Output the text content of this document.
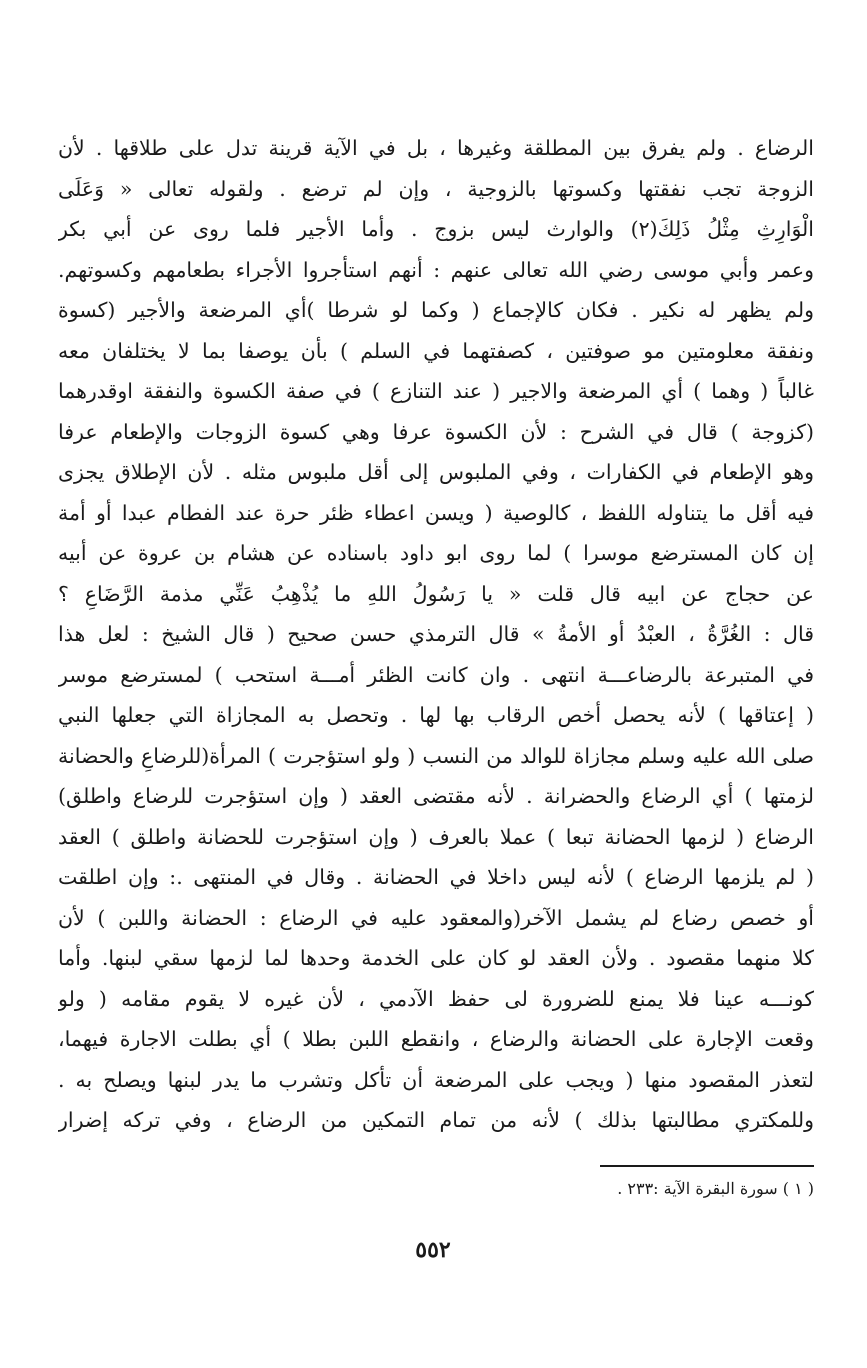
الرضاع . ولم يفرق بين المطلقة وغيرها ، بل في الآية قرينة تدل على طلاقها . لأن
الزوجة تجب نفقتها وكسوتها بالزوجية ، وإن لم ترضع . ولقوله تعالى « وَعَلَى
الْوَارِثِ مِثْلُ ذَلِكَ(٢) والوارث ليس بزوج . وأما الأجير فلما روى عن أبي بكر
وعمر وأبي موسى رضي الله تعالى عنهم : أنهم استأجروا الأجراء بطعامهم وكسوتهم.
ولم يظهر له نكير . فكان كالإجماع ( وكما لو شرطا )أي المرضعة والأجير (كسوة
ونفقة معلومتين مو صوفتين ، كصفتهما في السلم ) بأن يوصفا بما لا يختلفان معه
غالباً ( وهما ) أي المرضعة والاجير ( عند التنازع ) في صفة الكسوة والنفقة اوقدرهما
(كزوجة ) قال في الشرح : لأن الكسوة عرفا وهي كسوة الزوجات والإطعام عرفا
وهو الإطعام في الكفارات ، وفي الملبوس إلى أقل ملبوس مثله . لأن الإطلاق يجزى
فيه أقل ما يتناوله اللفظ ، كالوصية ( ويسن اعطاء ظئر حرة عند الفطام عبدا أو أمة
إن كان المسترضع موسرا ) لما روى ابو داود باسناده عن هشام بن عروة عن أبيه
عن حجاج عن ابيه قال قلت « يا رَسُولُ اللهِ ما يُذْهِبُ عَنِّي مذمة الرَّضَاعِ ؟
قال : الغُرَّةُ ، العبْدُ أو الأمةُ » قال الترمذي حسن صحيح ( قال الشيخ : لعل هذا
في المتبرعة بالرضاعـــة انتهى . وان كانت الظئر أمـــة استحب ) لمسترضع موسر
( إعتاقها ) لأنه يحصل أخص الرقاب بها لها . وتحصل به المجازاة التي جعلها النبي
صلى الله عليه وسلم مجازاة للوالد من النسب ( ولو استؤجرت ) المرأة(للرضاعِ والحضانة
لزمتها ) أي الرضاع والحضرانة . لأنه مقتضى العقد ( وإن استؤجرت للرضاع واطلق)
الرضاع ( لزمها الحضانة تبعا ) عملا بالعرف ( وإن استؤجرت للحضانة واطلق ) العقد
( لم يلزمها الرضاع ) لأنه ليس داخلا في الحضانة . وقال في المنتهى .: وإن اطلقت
أو خصص رضاع لم يشمل الآخر(والمعقود عليه في الرضاع : الحضانة واللبن ) لأن
كلا منهما مقصود . ولأن العقد لو كان على الخدمة وحدها لما لزمها سقي لبنها. وأما
كونـــه عينا فلا يمنع للضرورة لى حفظ الآدمي ، لأن غيره لا يقوم مقامه ( ولو
وقعت الإجارة على الحضانة والرضاع ، وانقطع اللبن بطلا ) أي بطلت الاجارة فيهما،
لتعذر المقصود منها ( ويجب على المرضعة أن تأكل وتشرب ما يدر لبنها ويصلح به .
وللمكتري مطالبتها بذلك ) لأنه من تمام التمكين من الرضاع ، وفي تركه إضرار
( ١ ) سورة البقرة الآية :٢٣٣ .
٥٥٢
